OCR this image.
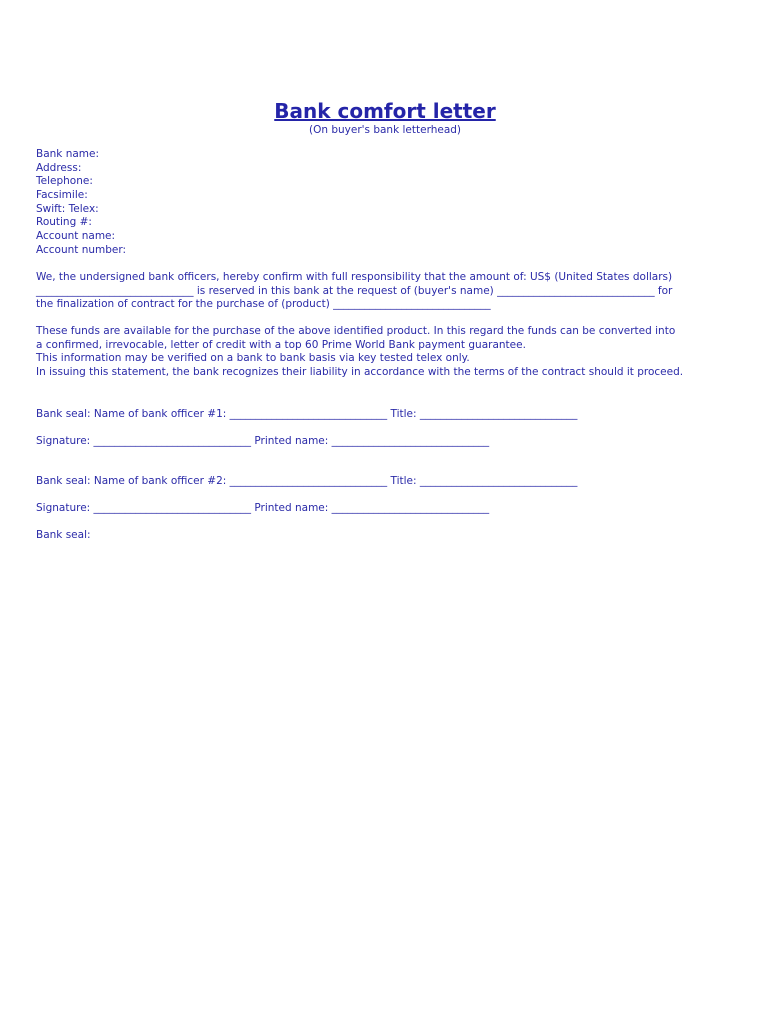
Bank comfort letter
(On buyer's bank letterhead)
Bank name:
Address:
Telephone:
Facsimile:
Swift: Telex:
Routing #:
Account name:
Account number:
We, the undersigned bank officers, hereby confirm with full responsibility that the amount of: US$ (United States dollars)
______________________________ is reserved in this bank at the request of (buyer's name) ______________________________ for
the finalization of contract for the purchase of (product) ______________________________
These funds are available for the purchase of the above identified product. In this regard the funds can be converted into
a confirmed, irrevocable, letter of credit with a top 60 Prime World Bank payment guarantee.
This information may be verified on a bank to bank basis via key tested telex only.
In issuing this statement, the bank recognizes their liability in accordance with the terms of the contract should it proceed.
Bank seal: Name of bank officer #1: ______________________________ Title: ______________________________
Signature: ______________________________ Printed name: ______________________________
Bank seal: Name of bank officer #2: ______________________________ Title: ______________________________
Signature: ______________________________ Printed name: ______________________________
Bank seal:
